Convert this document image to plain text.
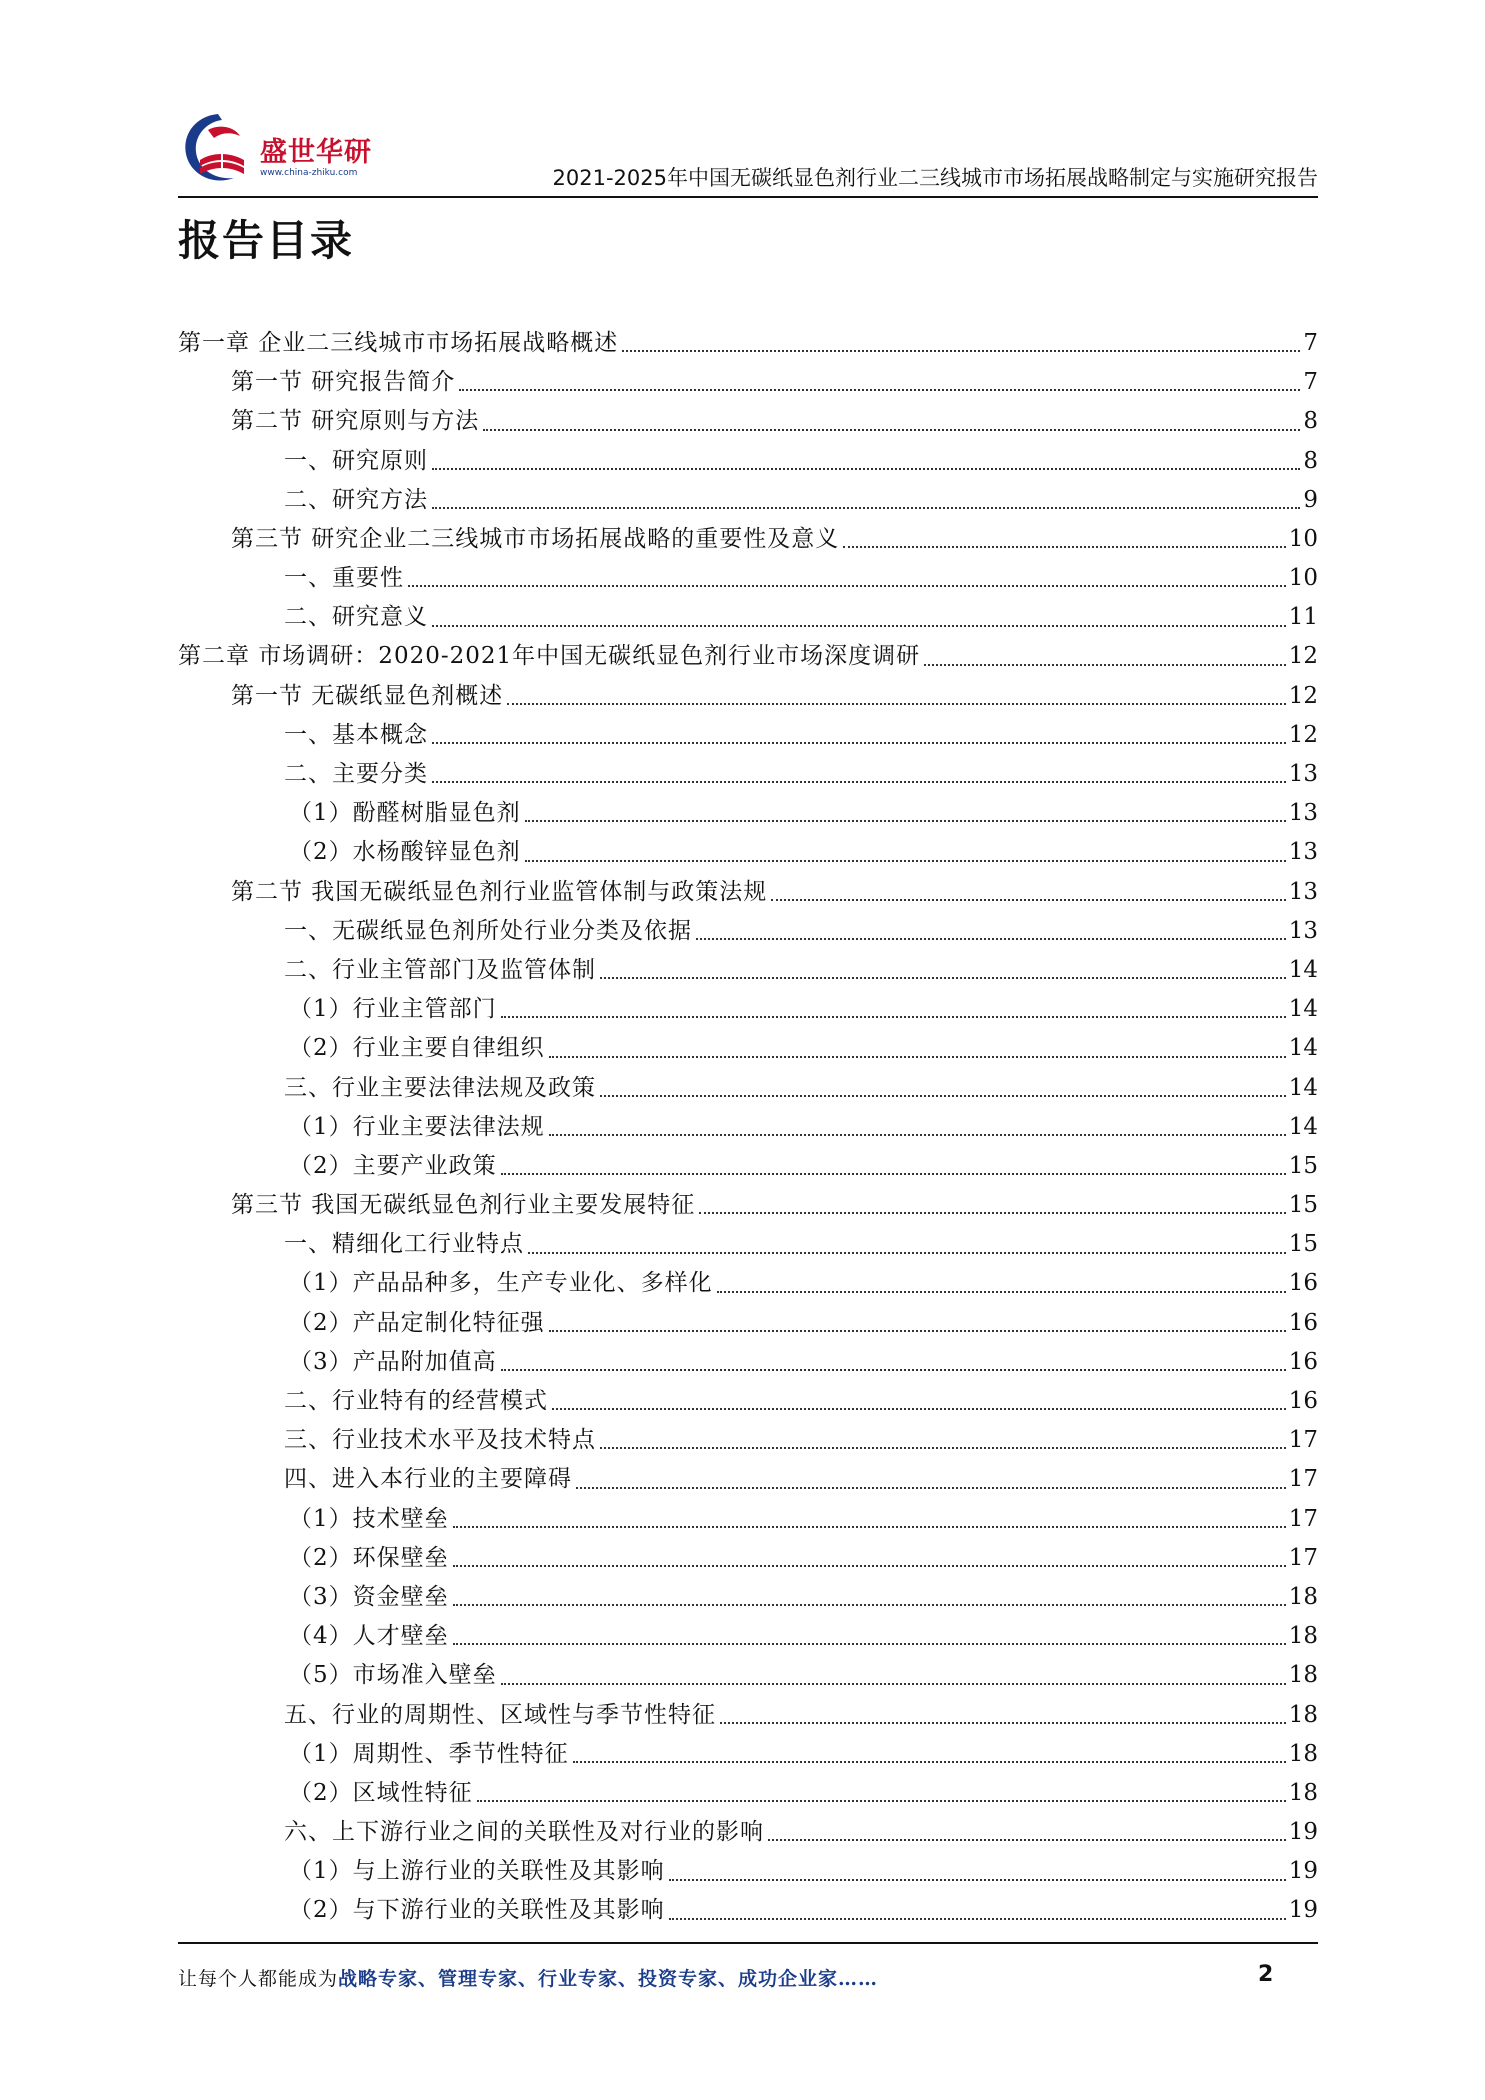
盛世华研
www.china-zhiku.com	2021-2025年中国无碳纸显色剂行业二三线城市市场拓展战略制定与实施研究报告
报告目录
第一章 企业二三线城市市场拓展战略概述	7
第一节 研究报告简介	7
第二节 研究原则与方法	8
一、研究原则	8
二、研究方法	9
第三节 研究企业二三线城市市场拓展战略的重要性及意义	10
一、重要性	10
二、研究意义	11
第二章 市场调研：2020-2021年中国无碳纸显色剂行业市场深度调研	12
第一节 无碳纸显色剂概述	12
一、基本概念	12
二、主要分类	13
（1）酚醛树脂显色剂	13
（2）水杨酸锌显色剂	13
第二节 我国无碳纸显色剂行业监管体制与政策法规	13
一、无碳纸显色剂所处行业分类及依据	13
二、行业主管部门及监管体制	14
（1）行业主管部门	14
（2）行业主要自律组织	14
三、行业主要法律法规及政策	14
（1）行业主要法律法规	14
（2）主要产业政策	15
第三节 我国无碳纸显色剂行业主要发展特征	15
一、精细化工行业特点	15
（1）产品品种多，生产专业化、多样化	16
（2）产品定制化特征强	16
（3）产品附加值高	16
二、行业特有的经营模式	16
三、行业技术水平及技术特点	17
四、进入本行业的主要障碍	17
（1）技术壁垒	17
（2）环保壁垒	17
（3）资金壁垒	18
（4）人才壁垒	18
（5）市场准入壁垒	18
五、行业的周期性、区域性与季节性特征	18
（1）周期性、季节性特征	18
（2）区域性特征	18
六、上下游行业之间的关联性及对行业的影响	19
（1）与上游行业的关联性及其影响	19
（2）与下游行业的关联性及其影响	19
让每个人都能成为战略专家、管理专家、行业专家、投资专家、成功企业家……	2
